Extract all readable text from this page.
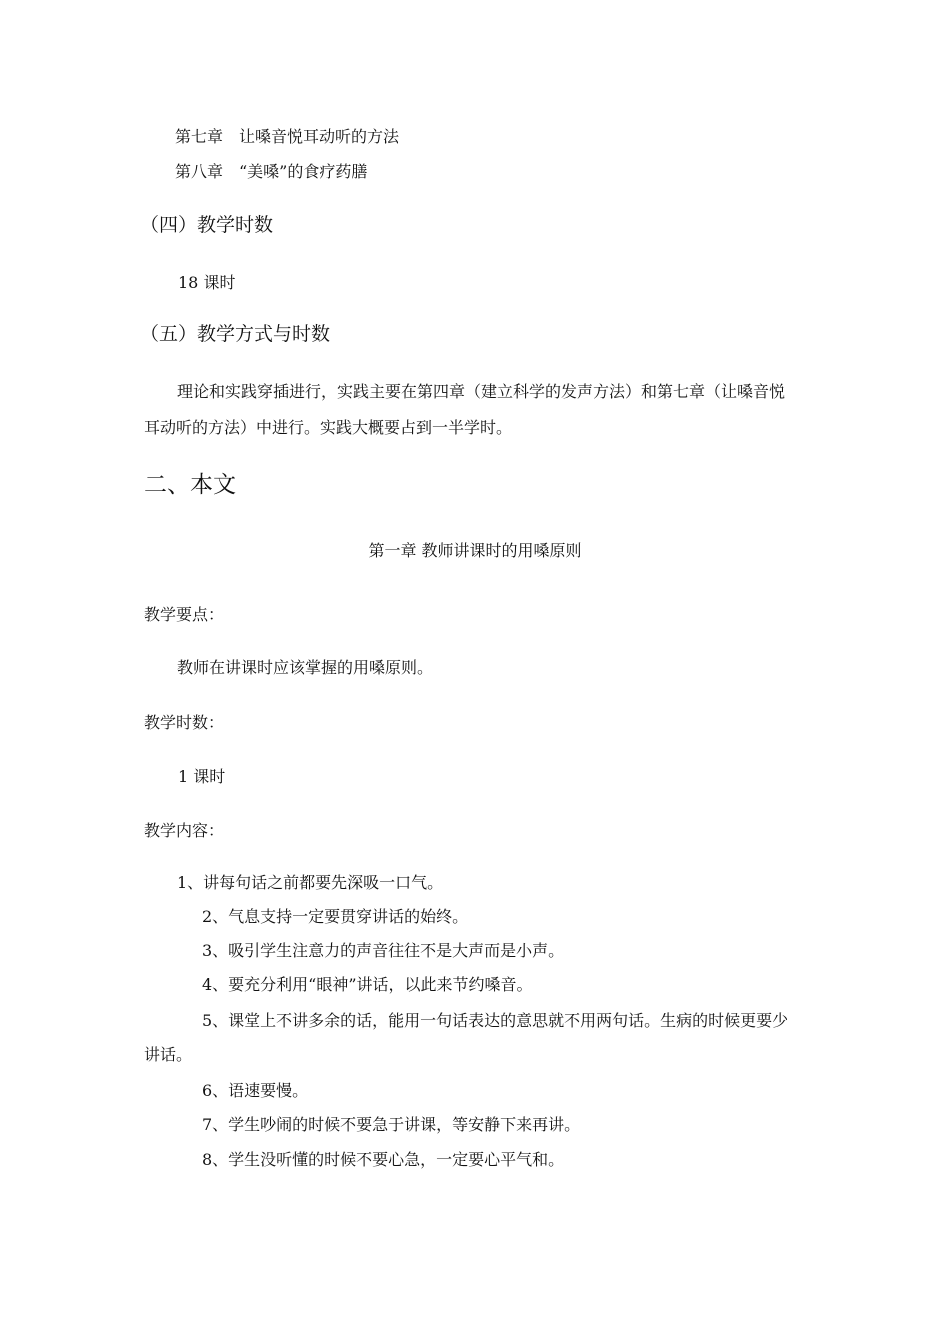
第七章　让嗓音悦耳动听的方法
第八章　“美嗓”的食疗药膳
（四）教学时数
18 课时
（五）教学方式与时数
理论和实践穿插进行，实践主要在第四章（建立科学的发声方法）和第七章（让嗓音悦
耳动听的方法）中进行。实践大概要占到一半学时。
二、本文
第一章 教师讲课时的用嗓原则
教学要点：
教师在讲课时应该掌握的用嗓原则。
教学时数：
1 课时
教学内容：
1、讲每句话之前都要先深吸一口气。
2、气息支持一定要贯穿讲话的始终。
3、吸引学生注意力的声音往往不是大声而是小声。
4、要充分利用“眼神”讲话，以此来节约嗓音。
5、课堂上不讲多余的话，能用一句话表达的意思就不用两句话。生病的时候更要少
讲话。
6、语速要慢。
7、学生吵闹的时候不要急于讲课，等安静下来再讲。
8、学生没听懂的时候不要心急，一定要心平气和。
